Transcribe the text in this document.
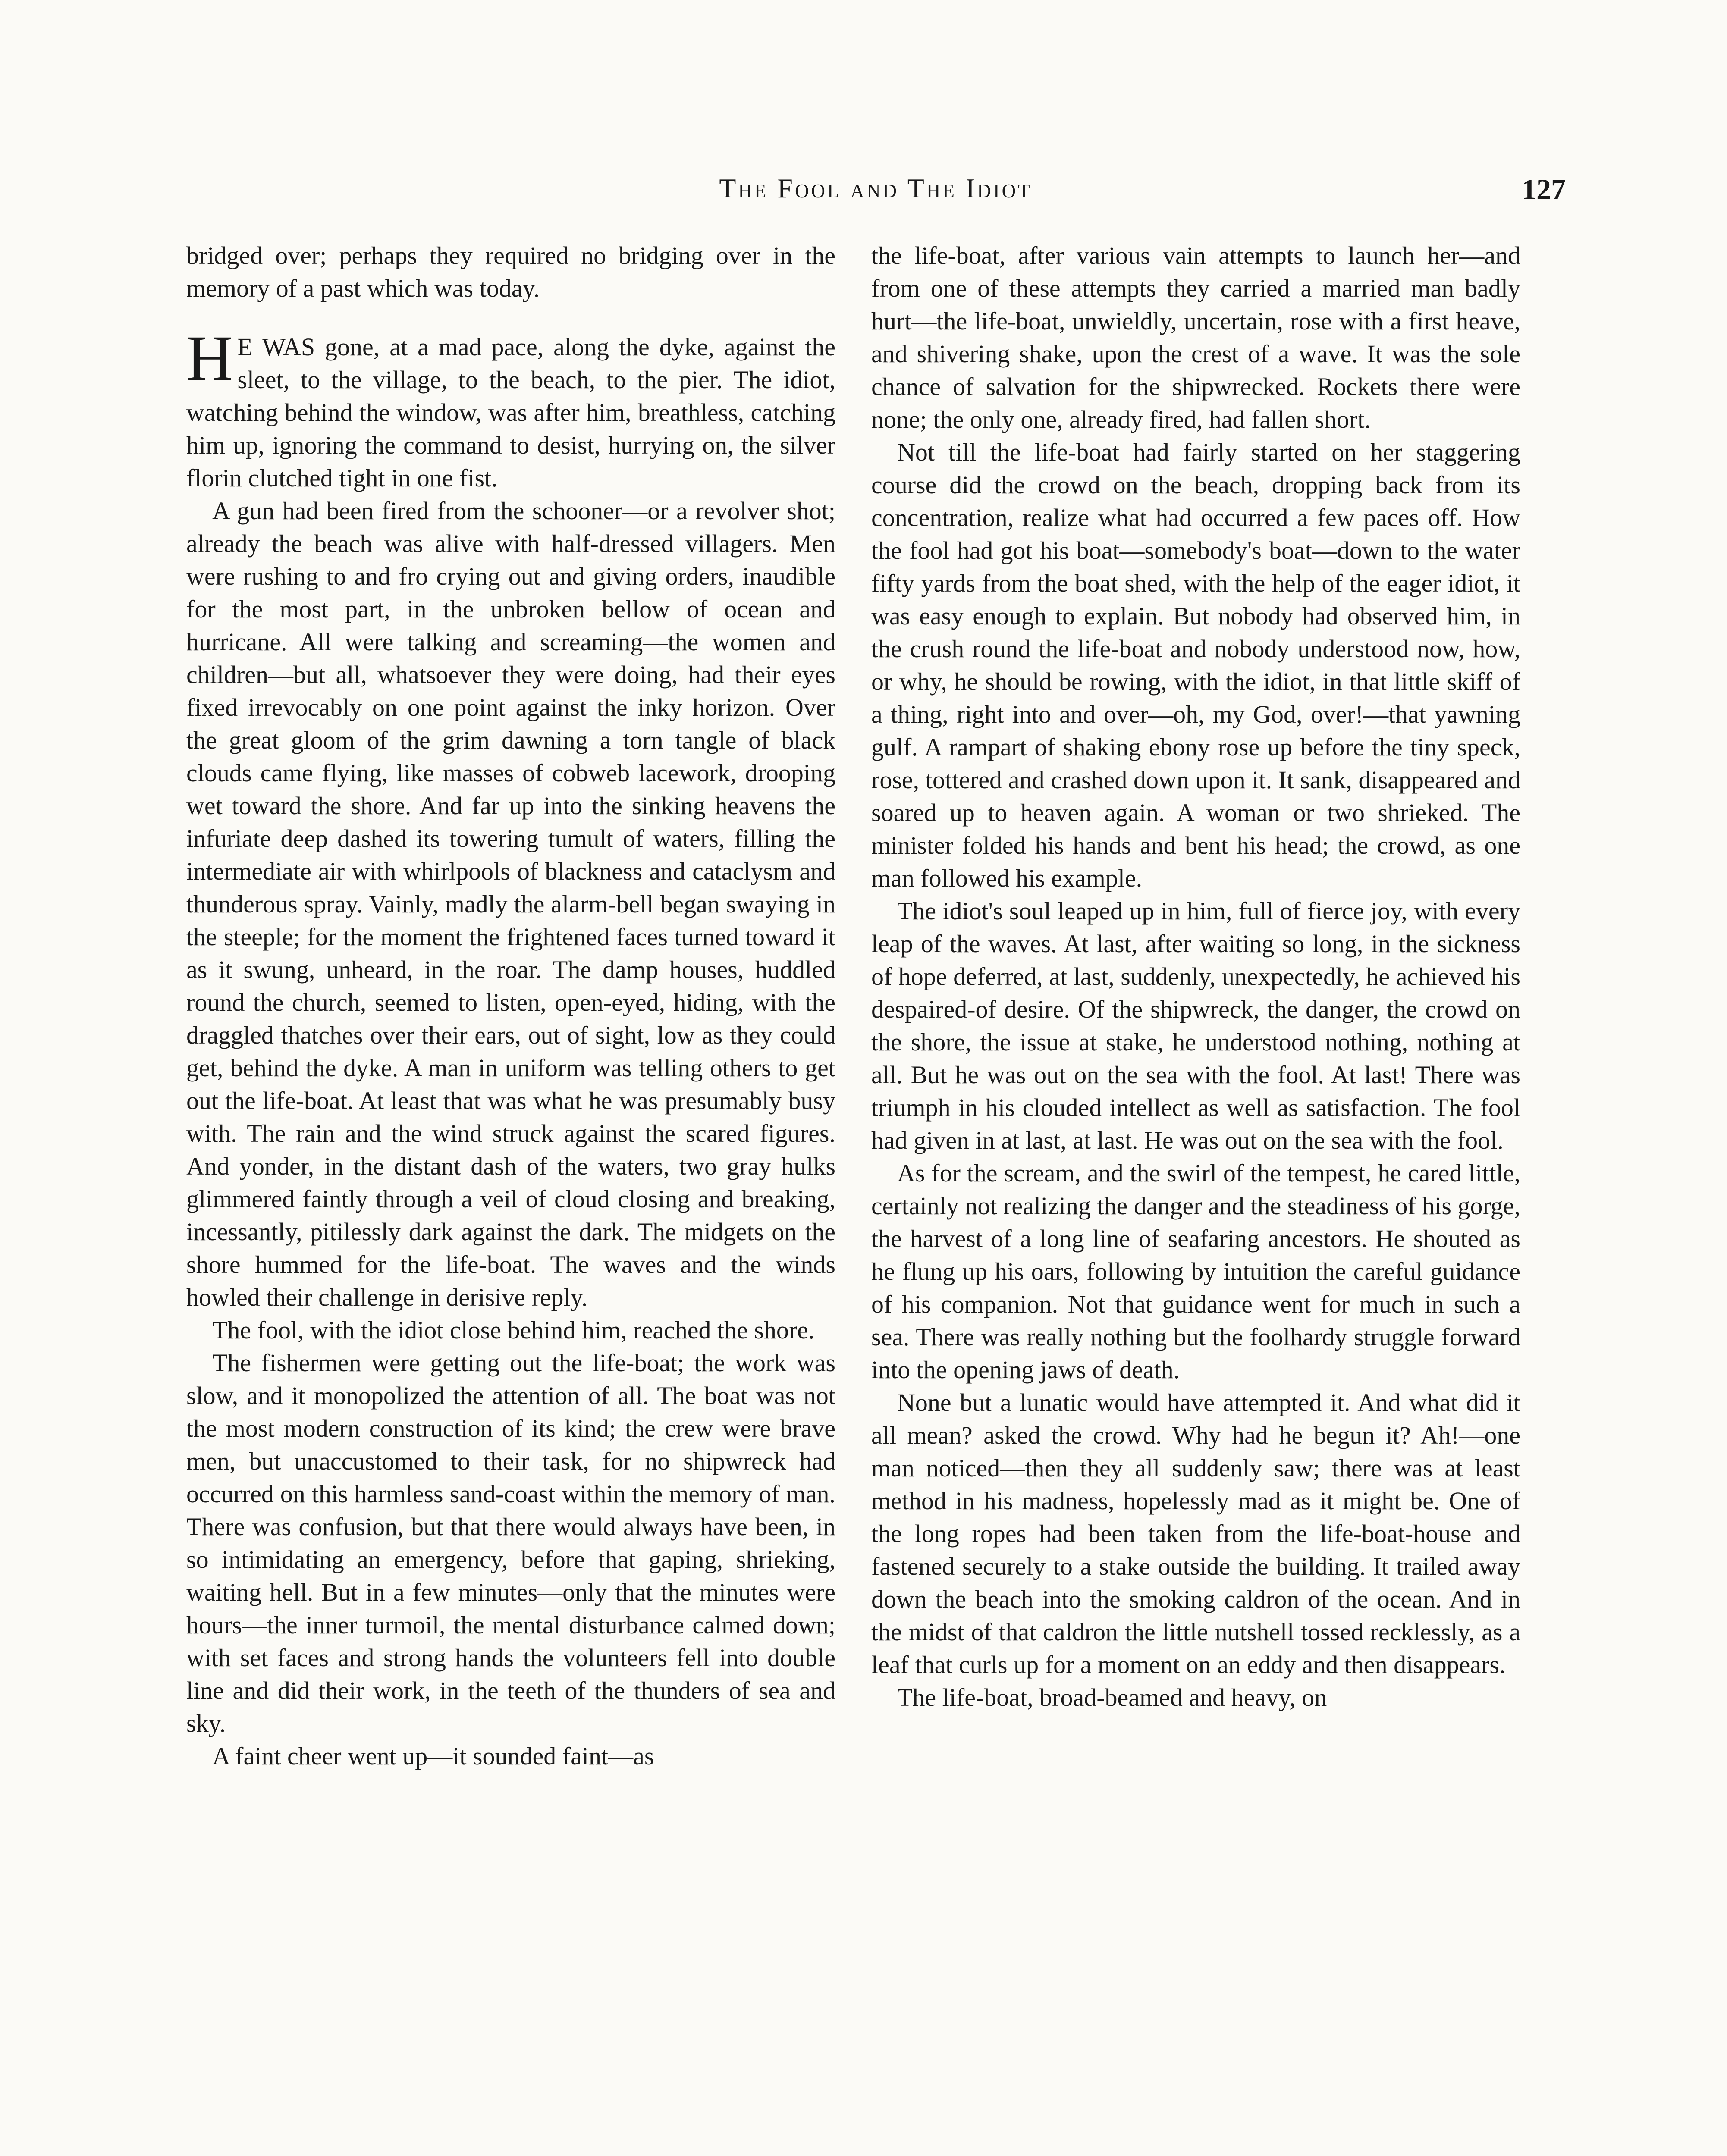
The Fool and The Idiot	127

bridged over; perhaps they required no bridging over in the memory of a past which was today.

H E WAS gone, at a mad pace, along the dyke, against the sleet, to the village, to the beach, to the pier. The idiot, watching behind the window, was after him, breathless, catching him up, ignoring the command to desist, hurrying on, the silver florin clutched tight in one fist.

A gun had been fired from the schooner—or a revolver shot; already the beach was alive with half-dressed villagers. Men were rushing to and fro crying out and giving orders, inaudible for the most part, in the unbroken bellow of ocean and hurricane. All were talking and screaming—the women and children—but all, whatsoever they were doing, had their eyes fixed irrevocably on one point against the inky horizon. Over the great gloom of the grim dawning a torn tangle of black clouds came flying, like masses of cobweb lacework, drooping wet toward the shore. And far up into the sinking heavens the infuriate deep dashed its towering tumult of waters, filling the intermediate air with whirlpools of blackness and cataclysm and thunderous spray. Vainly, madly the alarm-bell began swaying in the steeple; for the moment the frightened faces turned toward it as it swung, unheard, in the roar. The damp houses, huddled round the church, seemed to listen, open-eyed, hiding, with the draggled thatches over their ears, out of sight, low as they could get, behind the dyke. A man in uniform was telling others to get out the life-boat. At least that was what he was presumably busy with. The rain and the wind struck against the scared figures. And yonder, in the distant dash of the waters, two gray hulks glimmered faintly through a veil of cloud closing and breaking, incessantly, pitilessly dark against the dark. The midgets on the shore hummed for the life-boat. The waves and the winds howled their challenge in derisive reply.

The fool, with the idiot close behind him, reached the shore.

The fishermen were getting out the life-boat; the work was slow, and it monopolized the attention of all. The boat was not the most modern construction of its kind; the crew were brave men, but unaccustomed to their task, for no shipwreck had occurred on this harmless sand-coast within the memory of man. There was confusion, but that there would always have been, in so intimidating an emergency, before that gaping, shrieking, waiting hell. But in a few minutes—only that the minutes were hours—the inner turmoil, the mental disturbance calmed down; with set faces and strong hands the volunteers fell into double line and did their work, in the teeth of the thunders of sea and sky.

A faint cheer went up—it sounded faint—as

the life-boat, after various vain attempts to launch her—and from one of these attempts they carried a married man badly hurt—the life-boat, unwieldly, uncertain, rose with a first heave, and shivering shake, upon the crest of a wave. It was the sole chance of salvation for the shipwrecked. Rockets there were none; the only one, already fired, had fallen short.

Not till the life-boat had fairly started on her staggering course did the crowd on the beach, dropping back from its concentration, realize what had occurred a few paces off. How the fool had got his boat—somebody's boat—down to the water fifty yards from the boat shed, with the help of the eager idiot, it was easy enough to explain. But nobody had observed him, in the crush round the life-boat and nobody understood now, how, or why, he should be rowing, with the idiot, in that little skiff of a thing, right into and over—oh, my God, over!—that yawning gulf. A rampart of shaking ebony rose up before the tiny speck, rose, tottered and crashed down upon it. It sank, disappeared and soared up to heaven again. A woman or two shrieked. The minister folded his hands and bent his head; the crowd, as one man followed his example.

The idiot's soul leaped up in him, full of fierce joy, with every leap of the waves. At last, after waiting so long, in the sickness of hope deferred, at last, suddenly, unexpectedly, he achieved his despaired-of desire. Of the shipwreck, the danger, the crowd on the shore, the issue at stake, he understood nothing, nothing at all. But he was out on the sea with the fool. At last! There was triumph in his clouded intellect as well as satisfaction. The fool had given in at last, at last. He was out on the sea with the fool.

As for the scream, and the swirl of the tempest, he cared little, certainly not realizing the danger and the steadiness of his gorge, the harvest of a long line of seafaring ancestors. He shouted as he flung up his oars, following by intuition the careful guidance of his companion. Not that guidance went for much in such a sea. There was really nothing but the foolhardy struggle forward into the opening jaws of death.

None but a lunatic would have attempted it. And what did it all mean? asked the crowd. Why had he begun it? Ah!—one man noticed—then they all suddenly saw; there was at least method in his madness, hopelessly mad as it might be. One of the long ropes had been taken from the life-boat-house and fastened securely to a stake outside the building. It trailed away down the beach into the smoking caldron of the ocean. And in the midst of that caldron the little nutshell tossed recklessly, as a leaf that curls up for a moment on an eddy and then disappears.

The life-boat, broad-beamed and heavy, on
